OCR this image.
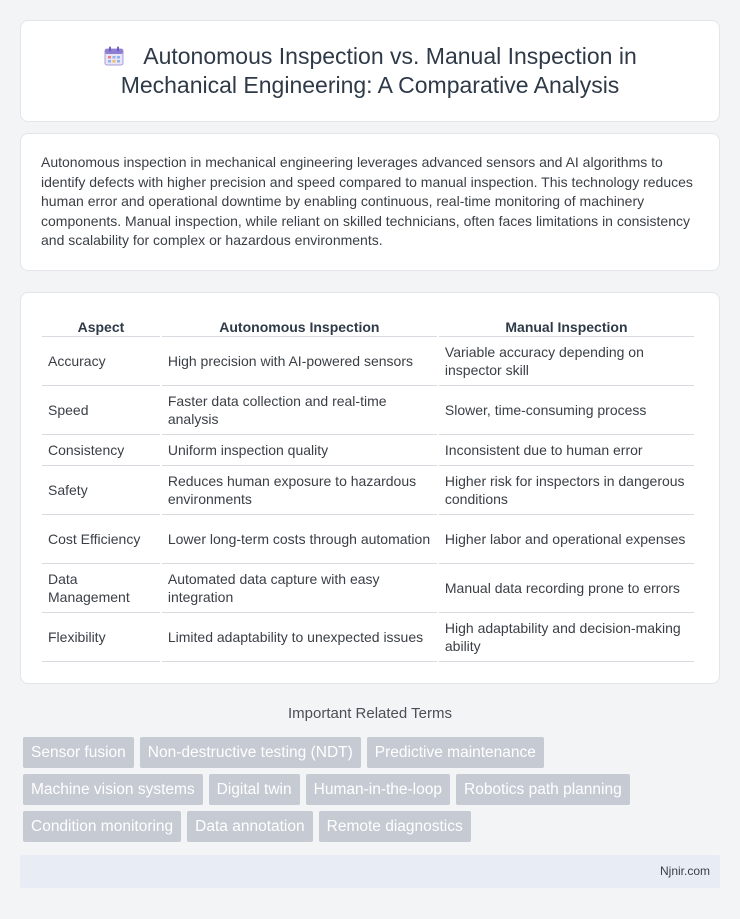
Autonomous Inspection vs. Manual Inspection in Mechanical Engineering: A Comparative Analysis

Autonomous inspection in mechanical engineering leverages advanced sensors and AI algorithms to identify defects with higher precision and speed compared to manual inspection. This technology reduces human error and operational downtime by enabling continuous, real-time monitoring of machinery components. Manual inspection, while reliant on skilled technicians, often faces limitations in consistency and scalability for complex or hazardous environments.

Aspect	Autonomous Inspection	Manual Inspection
Accuracy	High precision with AI-powered sensors	Variable accuracy depending on inspector skill
Speed	Faster data collection and real-time analysis	Slower, time-consuming process
Consistency	Uniform inspection quality	Inconsistent due to human error
Safety	Reduces human exposure to hazardous environments	Higher risk for inspectors in dangerous conditions
Cost Efficiency	Lower long-term costs through automation	Higher labor and operational expenses
Data Management	Automated data capture with easy integration	Manual data recording prone to errors
Flexibility	Limited adaptability to unexpected issues	High adaptability and decision-making ability
Important Related Terms
Sensor fusion	Non-destructive testing (NDT)	Predictive maintenance
Machine vision systems	Digital twin	Human-in-the-loop	Robotics path planning
Condition monitoring	Data annotation	Remote diagnostics
Njnir.com
